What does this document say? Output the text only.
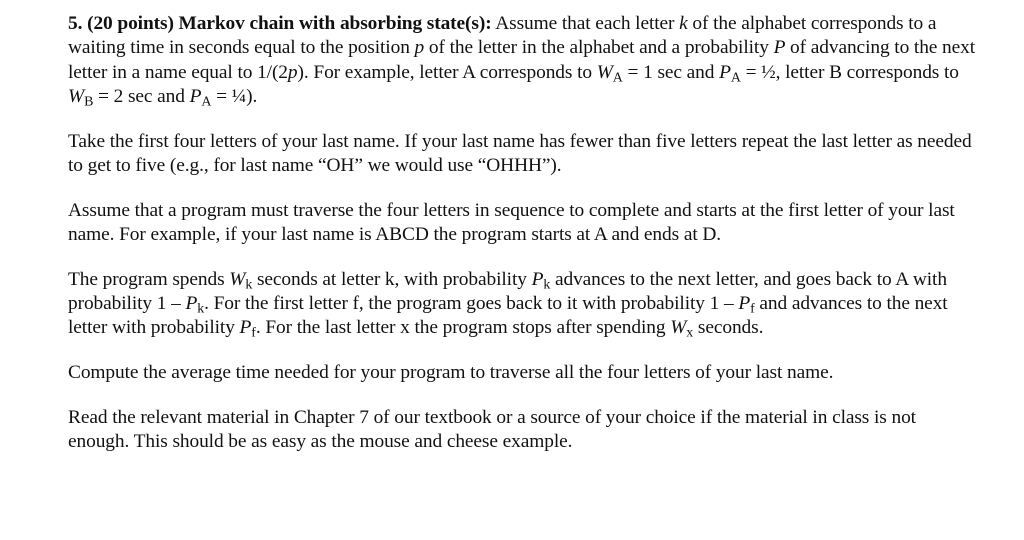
5. (20 points) Markov chain with absorbing state(s): Assume that each letter k of the alphabet corresponds to a waiting time in seconds equal to the position p of the letter in the alphabet and a probability P of advancing to the next letter in a name equal to 1/(2p). For example, letter A corresponds to $W_A = 1$ sec and $P_A$ = ½, letter B corresponds to $W_B = 2$ sec and $P_A$ = ¼).

Take the first four letters of your last name. If your last name has fewer than five letters repeat the last letter as needed to get to five (e.g., for last name “OH” we would use “OHHH”).

Assume that a program must traverse the four letters in sequence to complete and starts at the first letter of your last name. For example, if your last name is ABCD the program starts at A and ends at D.

The program spends $W_k$ seconds at letter k, with probability $P_k$ advances to the next letter, and goes back to A with probability $1 - P_k$. For the first letter f, the program goes back to it with probability $1 - P_f$ and advances to the next letter with probability $P_f$. For the last letter x the program stops after spending $W_x$ seconds.

Compute the average time needed for your program to traverse all the four letters of your last name.

Read the relevant material in Chapter 7 of our textbook or a source of your choice if the material in class is not enough. This should be as easy as the mouse and cheese example.
